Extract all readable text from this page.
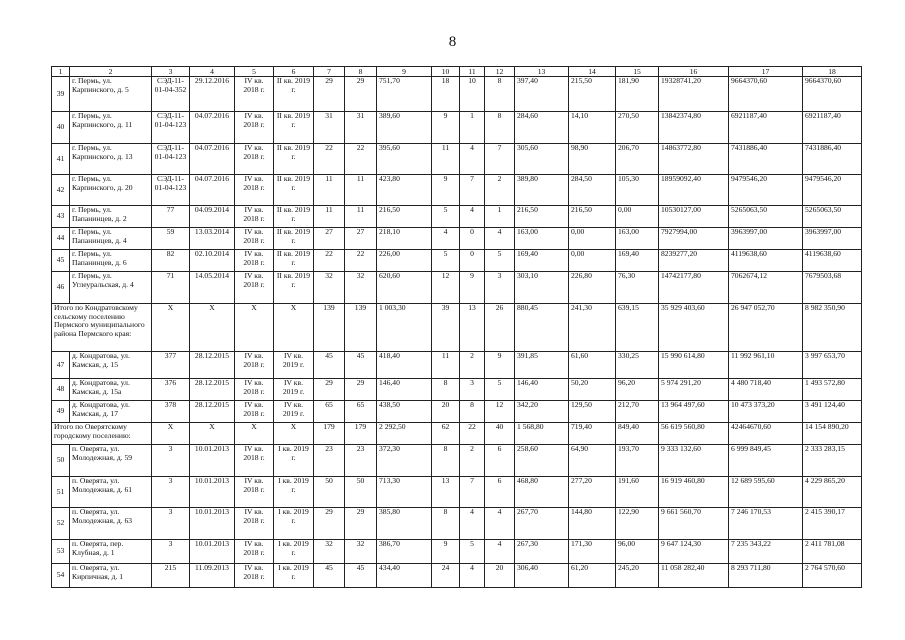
8
1	2	3	4	5	6	7	8	9	10	11	12	13	14	15	16	17	18
39	г. Пермь, ул. Карпинского, д. 5	СЭД-11-01-04-352	29.12.2016	IV кв. 2018 г.	II кв. 2019 г.	29	29	751,70	18	10	8	397,40	215,50	181,90	19328741,20	9664370,60	9664370,60
40	г. Пермь, ул. Карпинского, д. 11	СЭД-11-01-04-123	04.07.2016	IV кв. 2018 г.	II кв. 2019 г.	31	31	389,60	9	1	8	284,60	14,10	270,50	13842374,80	6921187,40	6921187,40
41	г. Пермь, ул. Карпинского, д. 13	СЭД-11-01-04-123	04.07.2016	IV кв. 2018 г.	II кв. 2019 г.	22	22	395,60	11	4	7	305,60	98,90	206,70	14863772,80	7431886,40	7431886,40
42	г. Пермь, ул. Карпинского, д. 20	СЭД-11-01-04-123	04.07.2016	IV кв. 2018 г.	II кв. 2019 г.	11	11	423,80	9	7	2	389,80	284,50	105,30	18959092,40	9479546,20	9479546,20
43	г. Пермь, ул. Папанинцев, д. 2	77	04.09.2014	IV кв. 2018 г.	II кв. 2019 г.	11	11	216,50	5	4	1	216,50	216,50	0,00	10530127,00	5265063,50	5265063,50
44	г. Пермь, ул. Папанинцев, д. 4	59	13.03.2014	IV кв. 2018 г.	II кв. 2019 г.	27	27	218,10	4	0	4	163,00	0,00	163,00	7927994,00	3963997,00	3963997,00
45	г. Пермь, ул. Папанинцев, д. 6	82	02.10.2014	IV кв. 2018 г.	II кв. 2019 г.	22	22	226,00	5	0	5	169,40	0,00	169,40	8239277,20	4119638,60	4119638,60
46	г. Пермь, ул. Углеуральская, д. 4	71	14.05.2014	IV кв. 2018 г.	II кв. 2019 г.	32	32	620,60	12	9	3	303,10	226,80	76,30	14742177,80	7062674,12	7679503,68
Итого по Кондратовскому сельскому поселению Пермского муниципального района Пермского края:		X	X	X	X	139	139	1 003,30	39	13	26	880,45	241,30	639,15	35 929 403,60	26 947 052,70	8 982 350,90
47	д. Кондратова, ул. Камская, д. 15	377	28.12.2015	IV кв. 2018 г.	IV кв. 2019 г.	45	45	418,40	11	2	9	391,85	61,60	330,25	15 990 614,80	11 992 961,10	3 997 653,70
48	д. Кондратова, ул. Камская, д. 15а	376	28.12.2015	IV кв. 2018 г.	IV кв. 2019 г.	29	29	146,40	8	3	5	146,40	50,20	96,20	5 974 291,20	4 480 718,40	1 493 572,80
49	д. Кондратова, ул. Камская, д. 17	378	28.12.2015	IV кв. 2018 г.	IV кв. 2019 г.	65	65	438,50	20	8	12	342,20	129,50	212,70	13 964 497,60	10 473 373,20	3 491 124,40
Итого по Оверятскому городскому поселению:		X	X	X	X	179	179	2 292,50	62	22	40	1 568,80	719,40	849,40	56 619 560,80	42464670,60	14 154 890,20
50	п. Оверята, ул. Молодежная, д. 59	3	10.01.2013	IV кв. 2018 г.	I кв. 2019 г.	23	23	372,30	8	2	6	258,60	64,90	193,70	9 333 132,60	6 999 849,45	2 333 283,15
51	п. Оверята, ул. Молодежная, д. 61	3	10.01.2013	IV кв. 2018 г.	I кв. 2019 г.	50	50	713,30	13	7	6	468,80	277,20	191,60	16 919 460,80	12 689 595,60	4 229 865,20
52	п. Оверята, ул. Молодежная, д. 63	3	10.01.2013	IV кв. 2018 г.	I кв. 2019 г.	29	29	385,80	8	4	4	267,70	144,80	122,90	9 661 560,70	7 246 170,53	2 415 390,17
53	п. Оверята, пер. Клубная, д. 1	3	10.01.2013	IV кв. 2018 г.	I кв. 2019 г.	32	32	386,70	9	5	4	267,30	171,30	96,00	9 647 124,30	7 235 343,22	2 411 781,08
54	п. Оверята, ул. Кирпичная, д. 1	215	11.09.2013	IV кв. 2018 г.	I кв. 2019 г.	45	45	434,40	24	4	20	306,40	61,20	245,20	11 058 282,40	8 293 711,80	2 764 570,60
